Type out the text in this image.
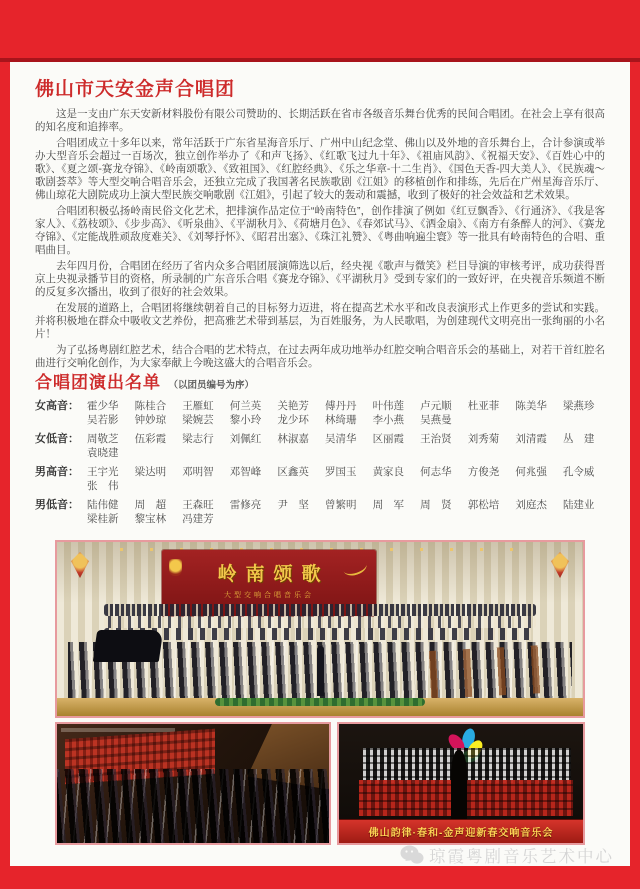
佛山市天安金声合唱团

这是一支由广东天安新材料股份有限公司赞助的、长期活跃在省市各级音乐舞台优秀的民间合唱团。在社会上享有很高的知名度和追捧率。

合唱团成立十多年以来，常年活跃于广东省星海音乐厅、广州中山纪念堂、佛山以及外地的音乐舞台上，合计参演或举办大型音乐会超过一百场次，独立创作举办了《和声飞扬》、《红歌飞过九十年》、《祖庙风韵》、《祝福天安》、《百姓心中的歌》、《夏之颂-赛龙夺锦》、《岭南颂歌》、《致祖国》、《红腔经典》、《乐之华章-十二生肖》、《国色天香-四大美人》、《民族魂～歌剧荟萃》等大型交响合唱音乐会，还独立完成了我国著名民族歌剧《江姐》的移植创作和排练，先后在广州星海音乐厅、佛山琼花大剧院成功上演大型民族交响歌剧《江姐》，引起了较大的轰动和震撼，收到了极好的社会效益和艺术效果。

合唱团积极弘扬岭南民俗文化艺术，把排演作品定位于“岭南特色”，创作排演了例如《红豆飘香》、《行通济》、《我是客家人》、《荔枝颂》、《步步高》、《听泉曲》、《平湖秋月》、《荷塘月色》、《春郊试马》、《洒金扇》、《南方有条醉人的河》、《赛龙夺锦》、《定能战胜顽敌度难关》、《刘琴抒怀》、《昭君出塞》、《珠江礼赞》、《粤曲响遍尘寰》等一批具有岭南特色的合唱、重唱曲目。

去年四月份，合唱团在经历了省内众多合唱团展演筛选以后，经央视《歌声与微笑》栏目导演的审核考评，成功获得晋京上央视录播节目的资格，所录制的广东音乐合唱《赛龙夺锦》、《平湖秋月》受到专家们的一致好评，在央视音乐频道不断的反复多次播出，收到了很好的社会效果。

在发展的道路上，合唱团将继续朝着自己的目标努力迈进，将在提高艺术水平和改良表演形式上作更多的尝试和实践。并将积极地在群众中吸收文艺养份，把高雅艺术带到基层，为百姓服务，为人民歌唱，为创建现代文明亮出一张绚丽的小名片！

为了弘扬粤剧红腔艺术，结合合唱的艺术特点，在过去两年成功地举办红腔交响合唱音乐会的基础上，对若干首红腔名曲进行交响化创作，为大家奉献上今晚这盛大的合唱音乐会。

合唱团演出名单 （以团员编号为序）
女高音： 霍少华	陈桂合	王雁虹	何兰英	关艳芳	傅丹丹	叶伟莲	卢元顺	杜亚菲	陈美华	梁燕珍
吴若影	钟妙琼	梁婉芸	黎小玲	龙少环	林绮珊	李小燕	吴燕曼
女低音： 周敬芝	伍彩霞	梁志行	刘佩红	林淑嘉	吴清华	区丽霞	王治贤	刘秀菊	刘清霞	丛　建
袁晓建
男高音： 王宇光	梁达明	邓明智	邓智峰	区鑫英	罗国玉	黄家良	何志华	方俊尧	何兆强	孔令威
张　伟
男低音： 陆伟健	周　超	王森旺	雷修亮	尹　坚	曾繁明	周　军	周　贤	郭松培	刘庭杰	陆建业
梁桂新	黎宝林	冯建芳
岭南颂歌
大型交响合唱音乐会
佛山韵律·春和-金声迎新春交响音乐会
琼霞粤剧音乐艺术中心
